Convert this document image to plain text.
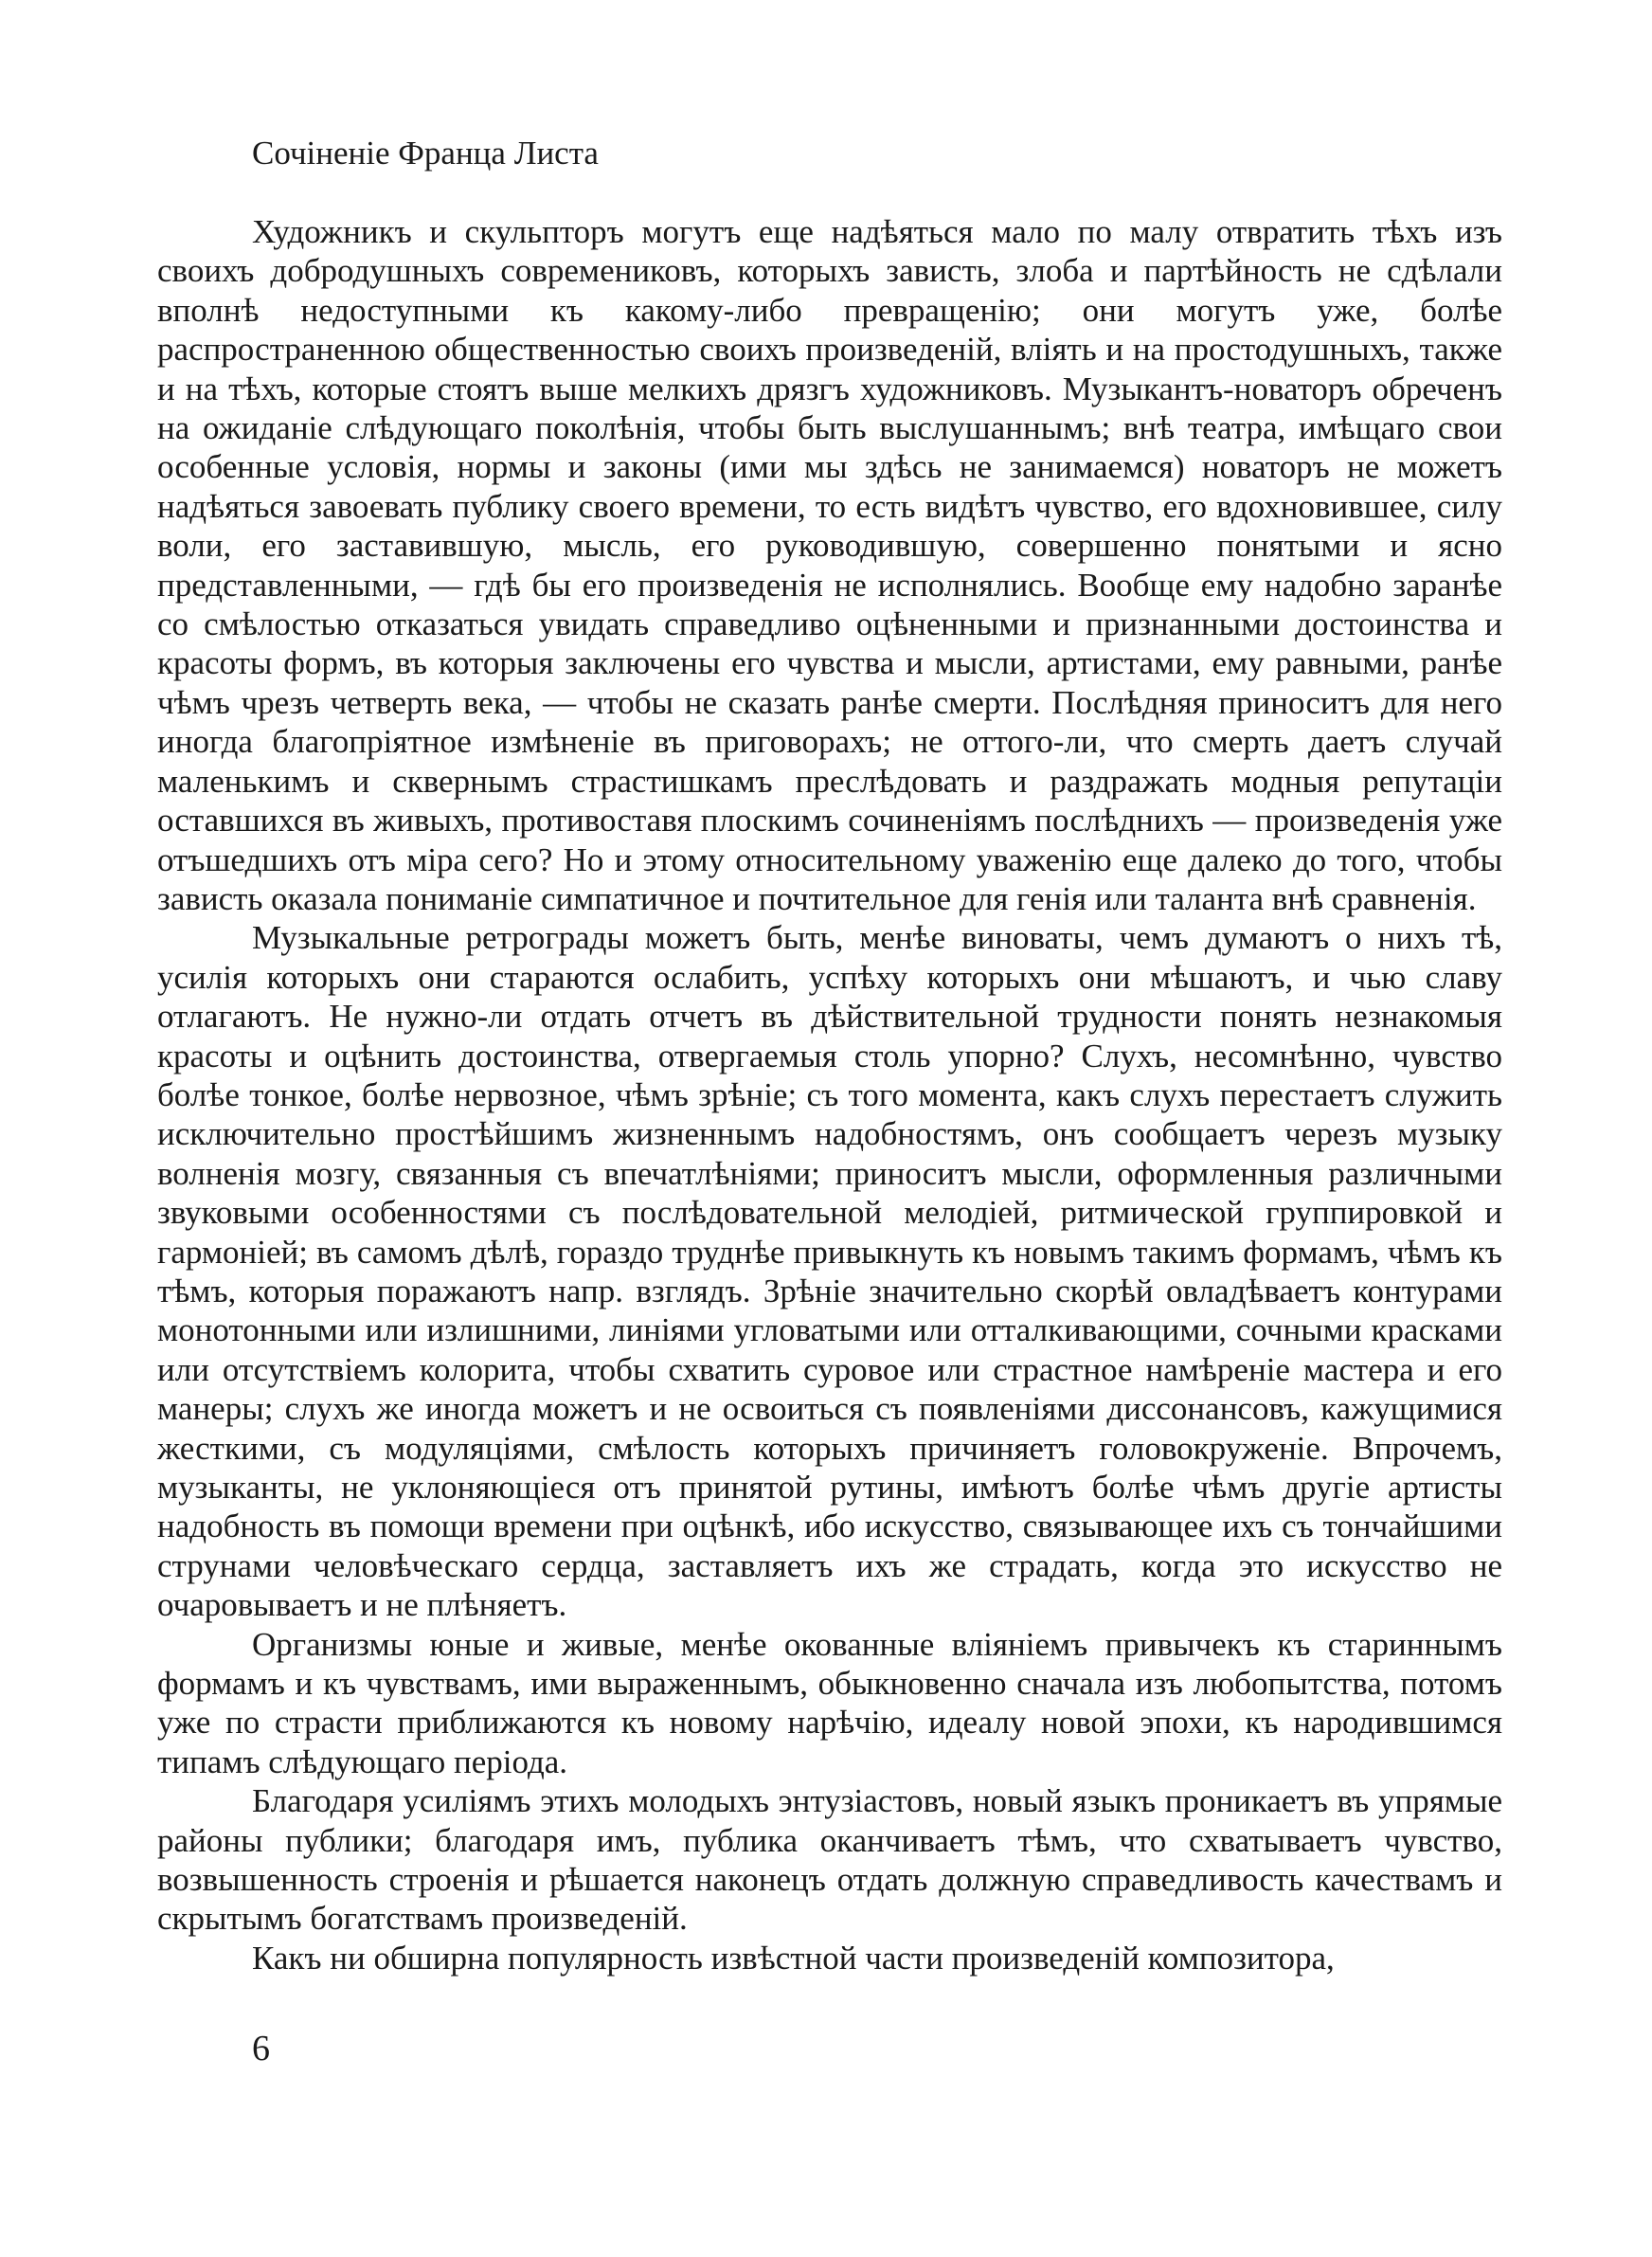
Сочiненiе Франца Листа

Художникъ и скульпторъ могутъ еще надѣяться мало по малу отвратить тѣхъ изъ своихъ добродушныхъ современиковъ, которыхъ зависть, злоба и партѣйность не сдѣлали вполнѣ недоступными къ какому-либо превращенію; они могутъ уже, болѣе распространенною общественностью своихъ произведеній, вліять и на простодушныхъ, также и на тѣхъ, которые стоятъ выше мелкихъ дрязгъ художниковъ. Музыкантъ-новаторъ обреченъ на ожиданіе слѣдующаго поколѣнія, чтобы быть выслушаннымъ; внѣ театра, имѣщаго свои особенные условія, нормы и законы (ими мы здѣсь не занимаемся) новаторъ не можетъ надѣяться завоевать публику своего времени, то есть видѣтъ чувство, его вдохновившее, силу воли, его заставившую, мысль, его руководившую, совершенно понятыми и ясно представленными, — гдѣ бы его произведенія не исполнялись. Вообще ему надобно заранѣе со смѣлостью отказаться увидать справедливо оцѣненными и признанными достоинства и красоты формъ, въ которыя заключены его чувства и мысли, артистами, ему равными, ранѣе чѣмъ чрезъ четверть века, — чтобы не сказать ранѣе смерти. Послѣдняя приноситъ для него иногда благопріятное измѣненіе въ приговорахъ; не оттого-ли, что смерть даетъ случай маленькимъ и сквернымъ страстишкамъ преслѣдовать и раздражать модныя репутаціи оставшихся въ живыхъ, противоставя плоскимъ сочиненіямъ послѣднихъ — произведенія уже отъшедшихъ отъ міра сего? Но и этому относительному уваженію еще далеко до того, чтобы зависть оказала пониманіе симпатичное и почтительное для генія или таланта внѣ сравненія.

Музыкальные ретрограды можетъ быть, менѣе виноваты, чемъ думаютъ о нихъ тѣ, усилія которыхъ они стараются ослабить, успѣху которыхъ они мѣшаютъ, и чью славу отлагаютъ. Не нужно-ли отдать отчетъ въ дѣйствительной трудности понять незнакомыя красоты и оцѣнить достоинства, отвергаемыя столь упорно? Слухъ, несомнѣнно, чувство болѣе тонкое, болѣе нервозное, чѣмъ зрѣніе; съ того момента, какъ слухъ перестаетъ служить исключительно простѣйшимъ жизненнымъ надобностямъ, онъ сообщаетъ черезъ музыку волненія мозгу, связанныя съ впечатлѣніями; приноситъ мысли, оформленныя различными звуковыми особенностями съ послѣдовательной мелодіей, ритмической группировкой и гармоніей; въ самомъ дѣлѣ, гораздо труднѣе привыкнуть къ новымъ такимъ формамъ, чѣмъ къ тѣмъ, которыя поражаютъ напр. взглядъ. Зрѣніе значительно скорѣй овладѣваетъ контурами монотонными или излишними, линіями угловатыми или отталкивающими, сочными красками или отсутствіемъ колорита, чтобы схватить суровое или страстное намѣреніе мастера и его манеры; слухъ же иногда можетъ и не освоиться съ появленіями диссонансовъ, кажущимися жесткими, съ модуляціями, смѣлость которыхъ причиняетъ головокруженіе. Впрочемъ, музыканты, не уклоняющіеся отъ принятой рутины, имѣютъ болѣе чѣмъ другіе артисты надобность въ помощи времени при оцѣнкѣ, ибо искусство, связывающее ихъ съ тончайшими струнами человѣческаго сердца, заставляетъ ихъ же страдать, когда это искусство не очаровываетъ и не плѣняетъ.

Организмы юные и живые, менѣе окованные вліяніемъ привычекъ къ стариннымъ формамъ и къ чувствамъ, ими выраженнымъ, обыкновенно сначала изъ любопытства, потомъ уже по страсти приближаются къ новому нарѣчію, идеалу новой эпохи, къ народившимся типамъ слѣдующаго періода.

Благодаря усиліямъ этихъ молодыхъ энтузіастовъ, новый языкъ проникаетъ въ упрямые районы публики; благодаря имъ, публика оканчиваетъ тѣмъ, что схватываетъ чувство, возвышенность строенія и рѣшается наконецъ отдать должную справедливость качествамъ и скрытымъ богатствамъ произведеній.

Какъ ни обширна популярность извѣстной части произведеній композитора,

6
